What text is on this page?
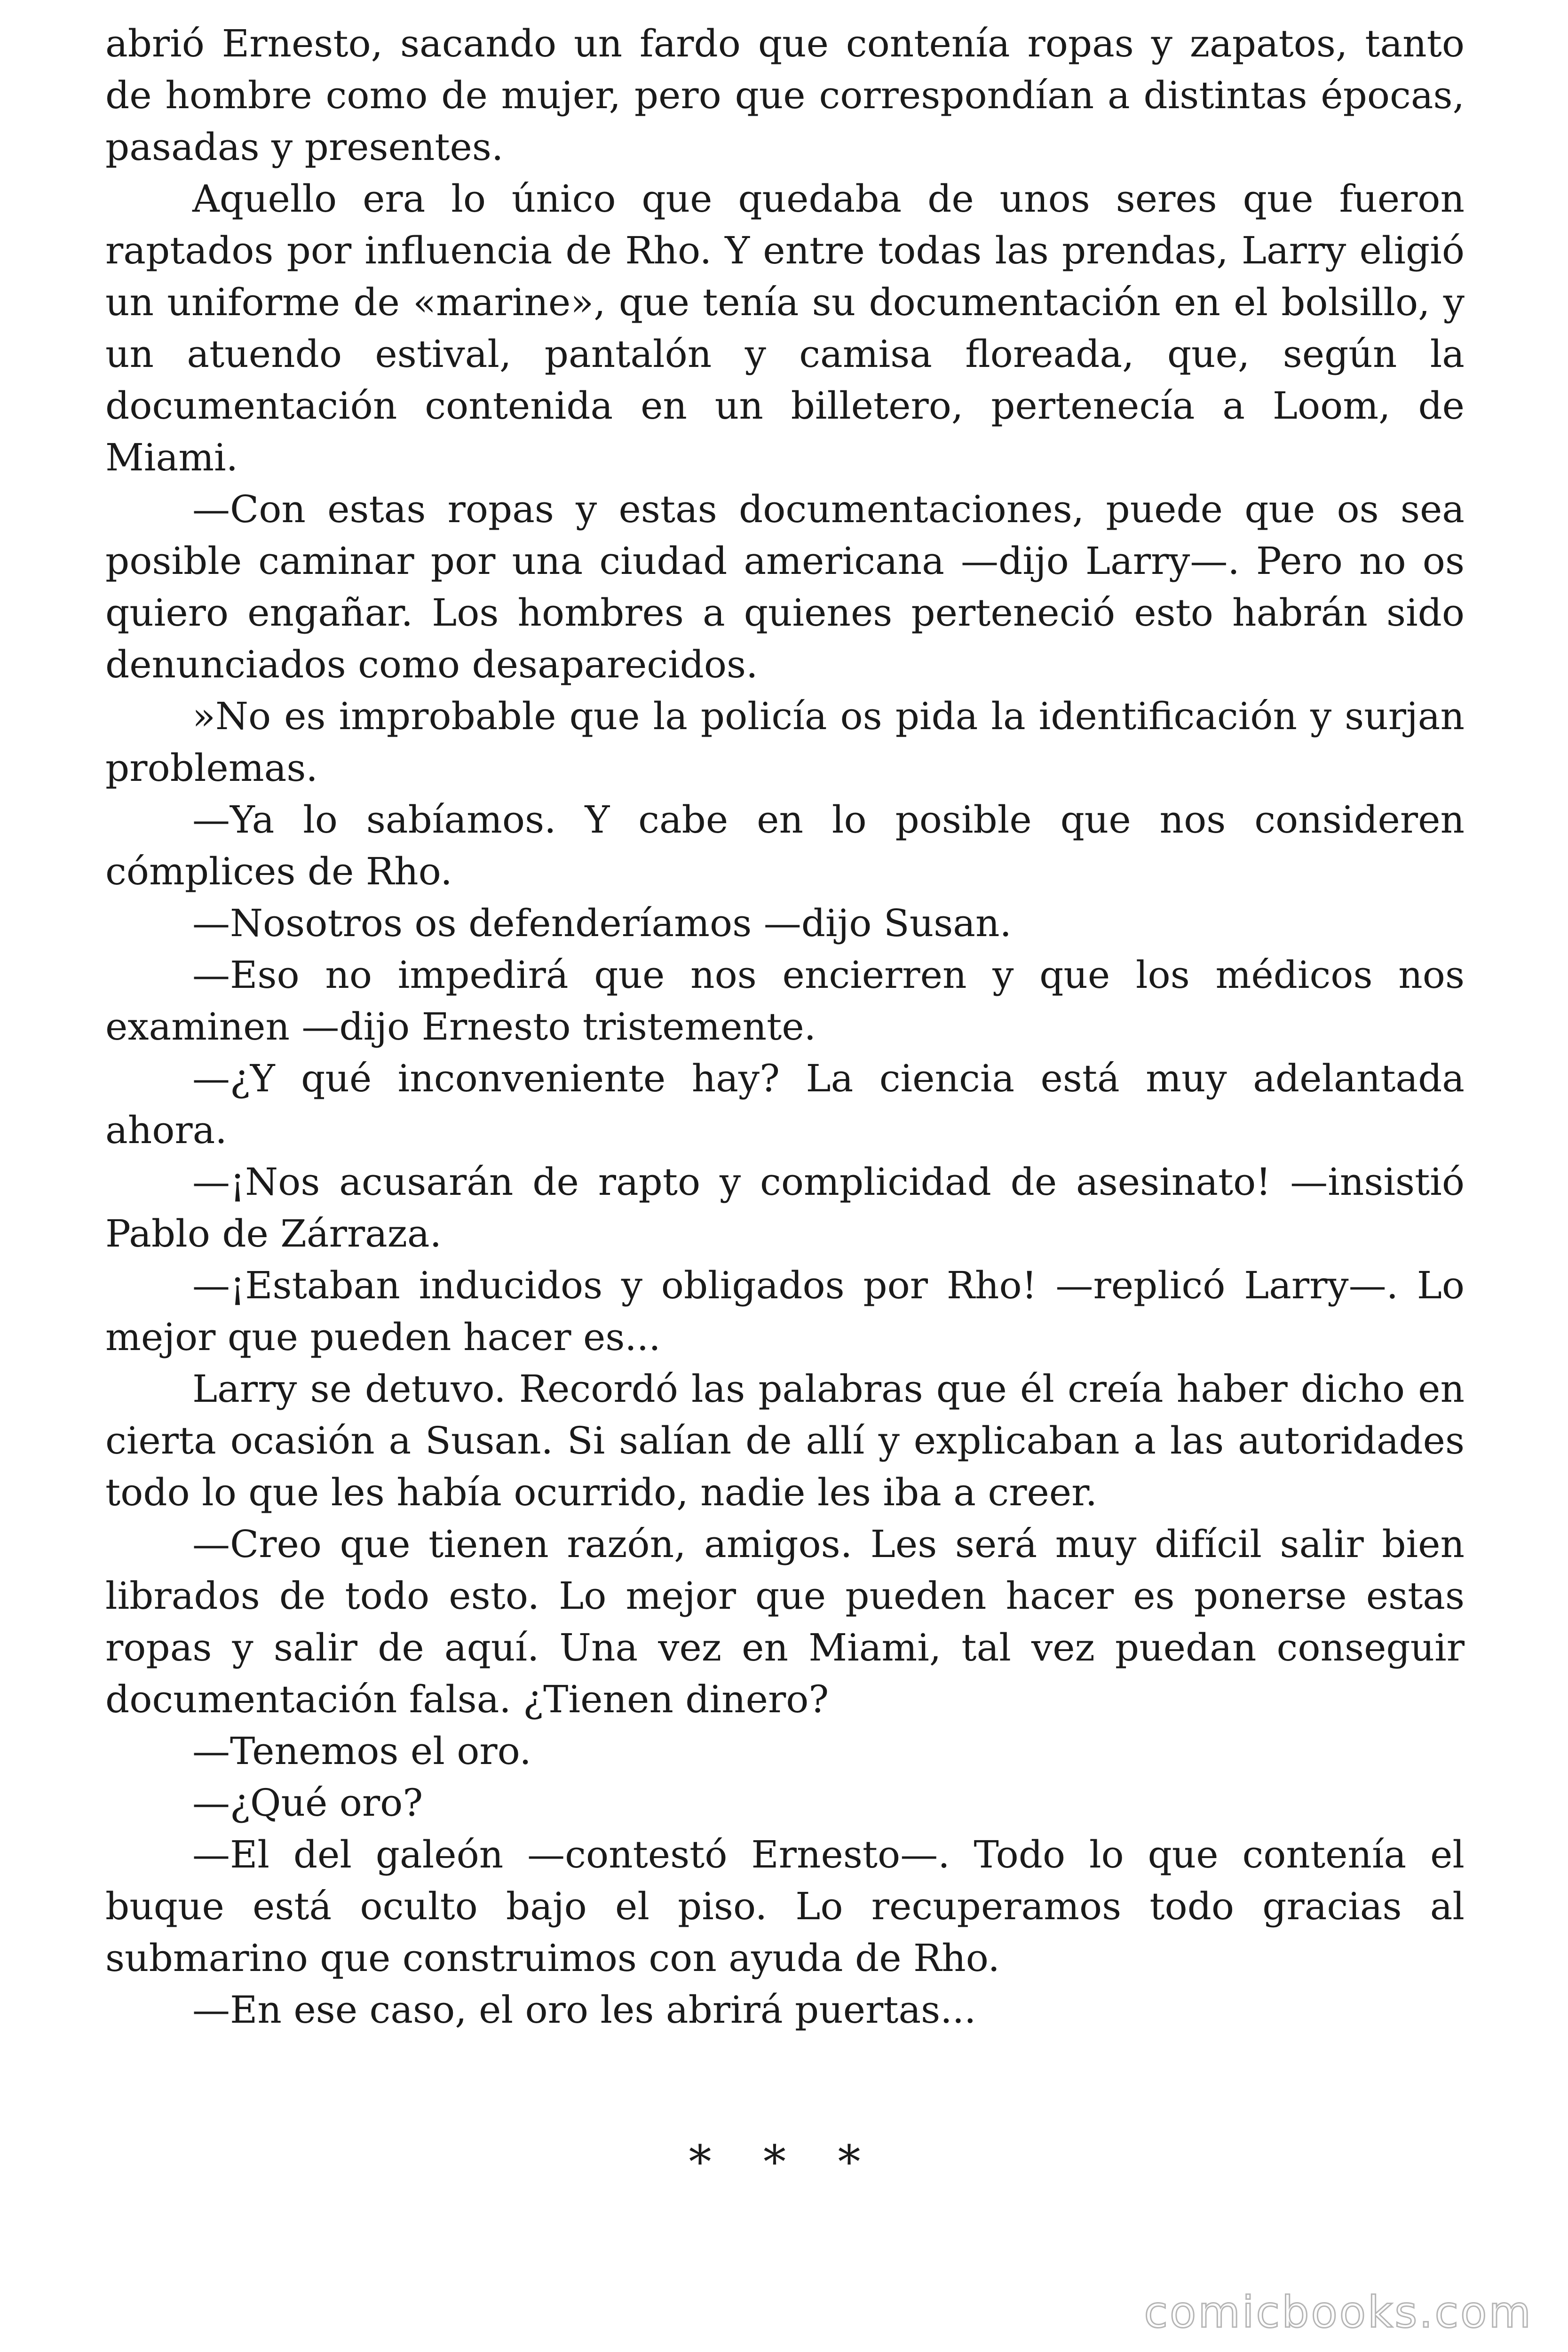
abrió Ernesto, sacando un fardo que contenía ropas y zapatos, tanto de hombre como de mujer, pero que correspondían a distintas épocas, pasadas y presentes.

Aquello era lo único que quedaba de unos seres que fueron raptados por influencia de Rho. Y entre todas las prendas, Larry eligió un uniforme de «marine», que tenía su documentación en el bolsillo, y un atuendo estival, pantalón y camisa floreada, que, según la documentación contenida en un billetero, pertenecía a Loom, de Miami.

—Con estas ropas y estas documentaciones, puede que os sea posible caminar por una ciudad americana —dijo Larry—. Pero no os quiero engañar. Los hombres a quienes perteneció esto habrán sido denunciados como desaparecidos.

»No es improbable que la policía os pida la identificación y surjan problemas.

—Ya lo sabíamos. Y cabe en lo posible que nos consideren cómplices de Rho.

—Nosotros os defenderíamos —dijo Susan.

—Eso no impedirá que nos encierren y que los médicos nos examinen —dijo Ernesto tristemente.

—¿Y qué inconveniente hay? La ciencia está muy adelantada ahora.

—¡Nos acusarán de rapto y complicidad de asesinato! —insistió Pablo de Zárraza.

—¡Estaban inducidos y obligados por Rho! —replicó Larry—. Lo mejor que pueden hacer es...

Larry se detuvo. Recordó las palabras que él creía haber dicho en cierta ocasión a Susan. Si salían de allí y explicaban a las autoridades todo lo que les había ocurrido, nadie les iba a creer.

—Creo que tienen razón, amigos. Les será muy difícil salir bien librados de todo esto. Lo mejor que pueden hacer es ponerse estas ropas y salir de aquí. Una vez en Miami, tal vez puedan conseguir documentación falsa. ¿Tienen dinero?

—Tenemos el oro.

—¿Qué oro?

—El del galeón —contestó Ernesto—. Todo lo que contenía el buque está oculto bajo el piso. Lo recuperamos todo gracias al submarino que construimos con ayuda de Rho.

—En ese caso, el oro les abrirá puertas...

* * *
comicbooks.com
